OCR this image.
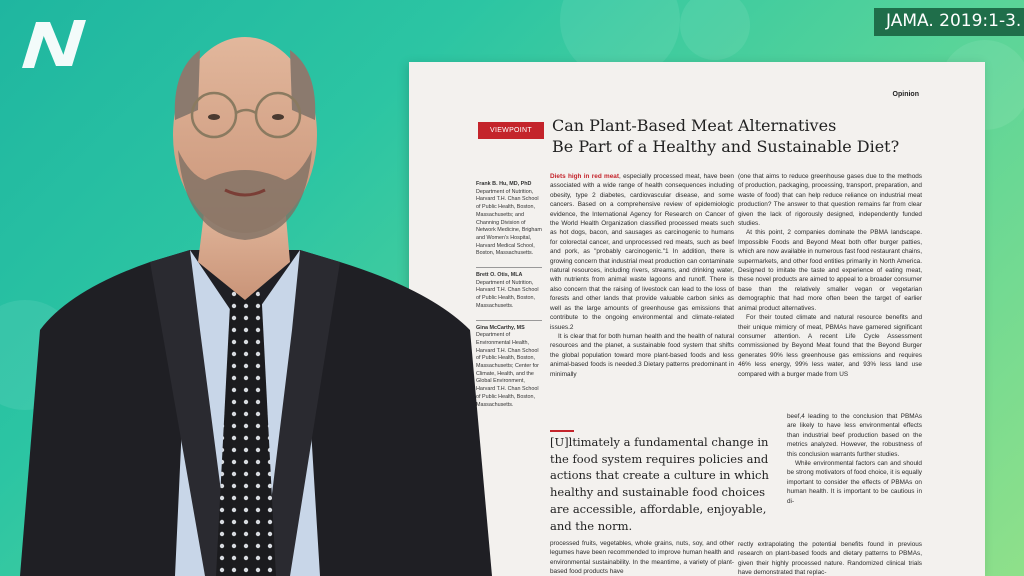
JAMA. 2019:1-3.
Opinion
VIEWPOINT	Can Plant-Based Meat Alternatives
Be Part of a Healthy and Sustainable Diet?
Frank B. Hu, MD, PhD
Department of Nutrition, Harvard T.H. Chan School of Public Health, Boston, Massachusetts; and Channing Division of Network Medicine, Brigham and Women's Hospital, Harvard Medical School, Boston, Massachusetts.
Brett O. Otis, MLA
Department of Nutrition, Harvard T.H. Chan School of Public Health, Boston, Massachusetts.
Gina McCarthy, MS
Department of Environmental Health, Harvard T.H. Chan School of Public Health, Boston, Massachusetts; Center for Climate, Health, and the Global Environment, Harvard T.H. Chan School of Public Health, Boston, Massachusetts.

Diets high in red meat, especially processed meat, have been associated with a wide range of health consequences including obesity, type 2 diabetes, cardiovascular disease, and some cancers. Based on a comprehensive review of epidemiologic evidence, the International Agency for Research on Cancer of the World Health Organization classified processed meats such as hot dogs, bacon, and sausages as carcinogenic to humans for colorectal cancer, and unprocessed red meats, such as beef and pork, as "probably carcinogenic."1 In addition, there is growing concern that industrial meat production can contaminate natural resources, including rivers, streams, and drinking water, with nutrients from animal waste lagoons and runoff. There is also concern that the raising of livestock can lead to the loss of forests and other lands that provide valuable carbon sinks as well as the large amounts of greenhouse gas emissions that contribute to the ongoing environmental and climate-related issues.2

It is clear that for both human health and the health of natural resources and the planet, a sustainable food system that shifts the global population toward more plant-based foods and less animal-based foods is needed.3 Dietary patterns predominant in minimally

[U]ltimately a fundamental change in the food system requires policies and actions that create a culture in which healthy and sustainable food choices are accessible, affordable, enjoyable, and the norm.

processed fruits, vegetables, whole grains, nuts, soy, and other legumes have been recommended to improve human health and environmental sustainability. In the meantime, a variety of plant-based food products have

(one that aims to reduce greenhouse gases due to the methods of production, packaging, processing, transport, preparation, and waste of food) that can help reduce reliance on industrial meat production? The answer to that question remains far from clear given the lack of rigorously designed, independently funded studies.

At this point, 2 companies dominate the PBMA landscape. Impossible Foods and Beyond Meat both offer burger patties, which are now available in numerous fast food restaurant chains, supermarkets, and other food entities primarily in North America. Designed to imitate the taste and experience of eating meat, these novel products are aimed to appeal to a broader consumer base than the relatively smaller vegan or vegetarian demographic that had more often been the target of earlier animal product alternatives.

For their touted climate and natural resource benefits and their unique mimicry of meat, PBMAs have garnered significant consumer attention. A recent Life Cycle Assessment commissioned by Beyond Meat found that the Beyond Burger generates 90% less greenhouse gas emissions and requires 46% less energy, 99% less water, and 93% less land use compared with a burger made from US

beef,4 leading to the conclusion that PBMAs are likely to have less environmental effects than industrial beef production based on the metrics analyzed. However, the robustness of this conclusion warrants further studies.

While environmental factors can and should be strong motivators of food choice, it is equally important to consider the effects of PBMAs on human health. It is important to be cautious in di-

rectly extrapolating the potential benefits found in previous research on plant-based foods and dietary patterns to PBMAs, given their highly processed nature. Randomized clinical trials have demonstrated that replac-
